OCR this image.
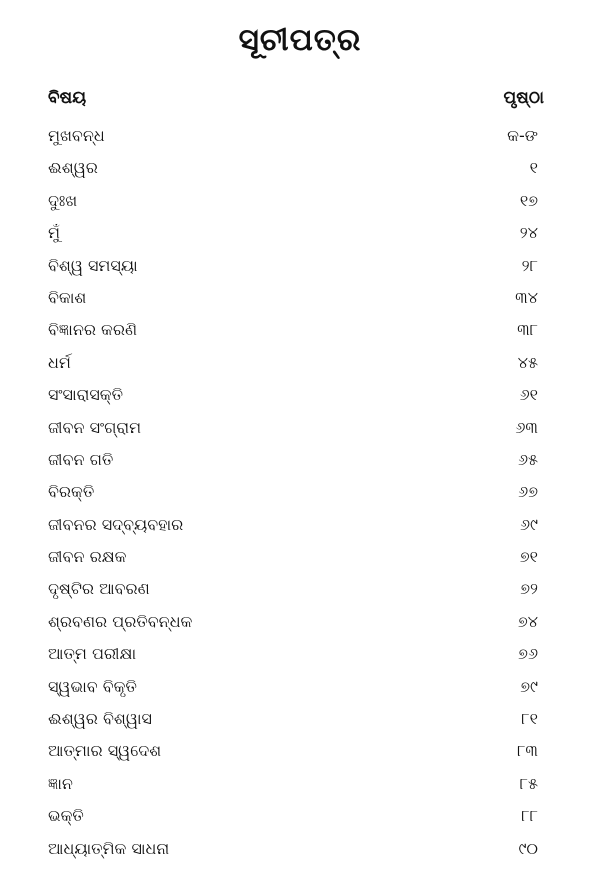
ସୂଚୀପତ୍ର
ବିଷୟ	ପୃଷ୍ଠା
ମୁଖବନ୍ଧ	କ-ଙ
ଈଶ୍ୱର	୧
ଦୁଃଖ	୧୭
ମୁଁ	୨୪
ବିଶ୍ୱ ସମସ୍ୟା	୨୮
ବିକାଶ	୩୪
ବିଜ୍ଞାନର କରଣି	୩୮
ଧର୍ମ	୪୫
ସଂସାରାସକ୍ତି	୬୧
ଜୀବନ ସଂଗ୍ରାମ	୬୩
ଜୀବନ ଗତି	୬୫
ବିରକ୍ତି	୬୭
ଜୀବନର ସଦ୍‌ବ୍ୟବହାର	୬୯
ଜୀବନ ରକ୍ଷକ	୭୧
ଦୃଷ୍ଟିର ଆବରଣ	୭୨
ଶ୍ରବଣର ପ୍ରତିବନ୍ଧକ	୭୪
ଆତ୍ମ ପରୀକ୍ଷା	୭୬
ସ୍ୱଭାବ ବିକୃତି	୭୯
ଈଶ୍ୱର ବିଶ୍ୱାସ	୮୧
ଆତ୍ମାର ସ୍ୱଦେଶ	୮୩
ଜ୍ଞାନ	୮୫
ଭକ୍ତି	୮୮
ଆଧ୍ୟାତ୍ମିକ ସାଧନା	୯୦
